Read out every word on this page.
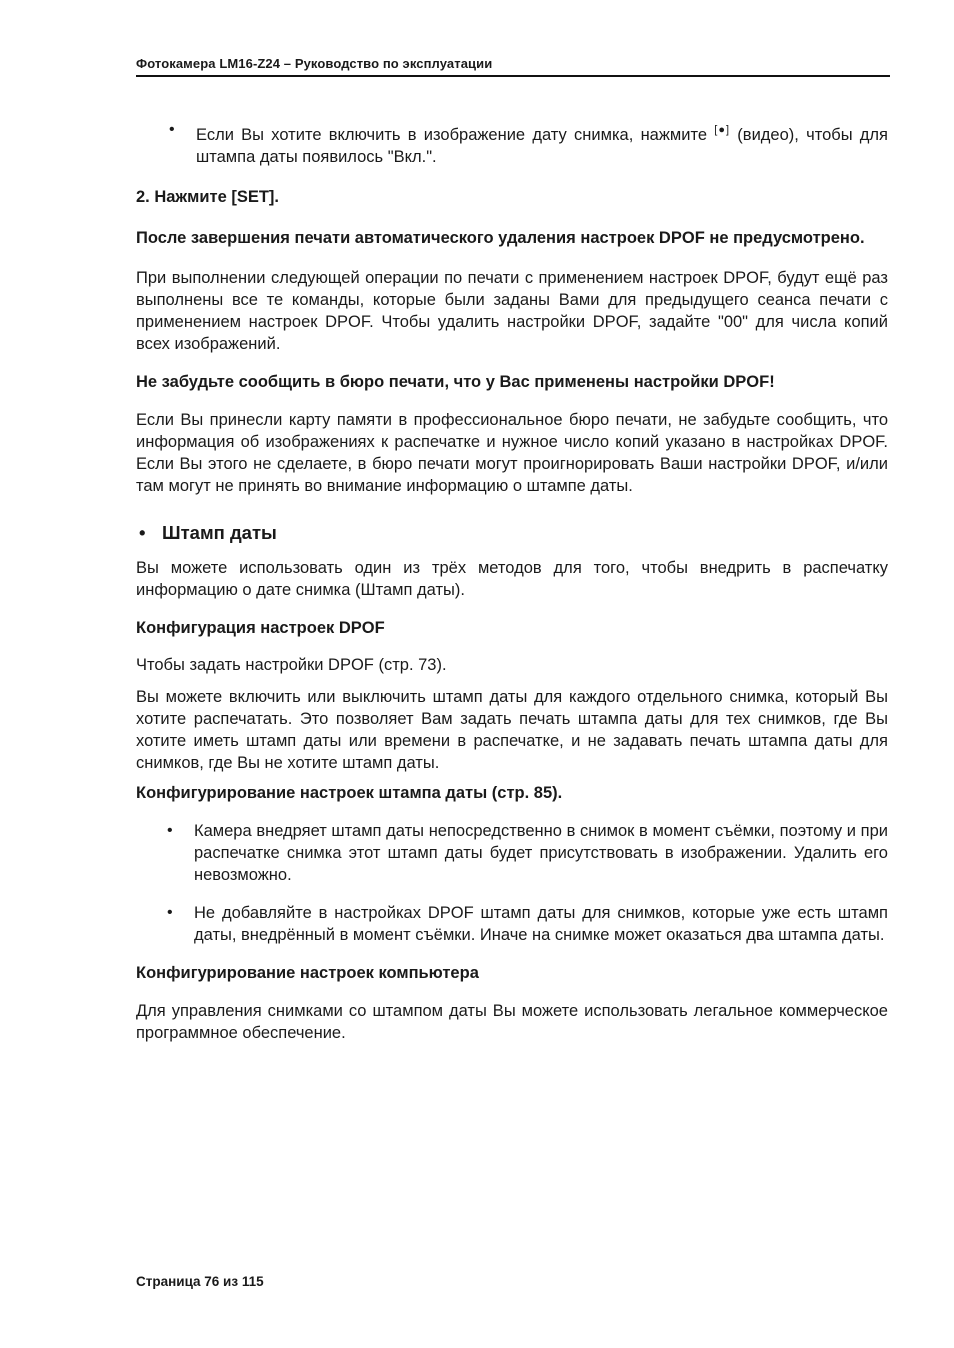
Фотокамера LM16-Z24 – Руководство по эксплуатации
• Если Вы хотите включить в изображение дату снимка, нажмите [●] (видео), чтобы для штампа даты появилось "Вкл.".

2. Нажмите [SET].

После завершения печати автоматического удаления настроек DPOF не предусмотрено.

При выполнении следующей операции по печати с применением настроек DPOF, будут ещё раз выполнены все те команды, которые были заданы Вами для предыдущего сеанса печати с применением настроек DPOF. Чтобы удалить настройки DPOF, задайте "00" для числа копий всех изображений.

Не забудьте сообщить в бюро печати, что у Вас применены настройки DPOF!

Если Вы принесли карту памяти в профессиональное бюро печати, не забудьте сообщить, что информация об изображениях к распечатке и нужное число копий указано в настройках DPOF. Если Вы этого не сделаете, в бюро печати могут проигнорировать Ваши настройки DPOF, и/или там могут не принять во внимание информацию о штампе даты.

• Штамп даты

Вы можете использовать один из трёх методов для того, чтобы внедрить в распечатку информацию о дате снимка (Штамп даты).

Конфигурация настроек DPOF

Чтобы задать настройки DPOF (стр. 73).

Вы можете включить или выключить штамп даты для каждого отдельного снимка, который Вы хотите распечатать. Это позволяет Вам задать печать штампа даты для тех снимков, где Вы хотите иметь штамп даты или времени в распечатке, и не задавать печать штампа даты для снимков, где Вы не хотите штамп даты.

Конфигурирование настроек штампа даты (стр. 85).

• Камера внедряет штамп даты непосредственно в снимок в момент съёмки, поэтому и при распечатке снимка этот штамп даты будет присутствовать в изображении. Удалить его невозможно.

• Не добавляйте в настройках DPOF штамп даты для снимков, которые уже есть штамп даты, внедрённый в момент съёмки. Иначе на снимке может оказаться два штампа даты.

Конфигурирование настроек компьютера

Для управления снимками со штампом даты Вы можете использовать легальное коммерческое программное обеспечение.

Страница 76 из 115
